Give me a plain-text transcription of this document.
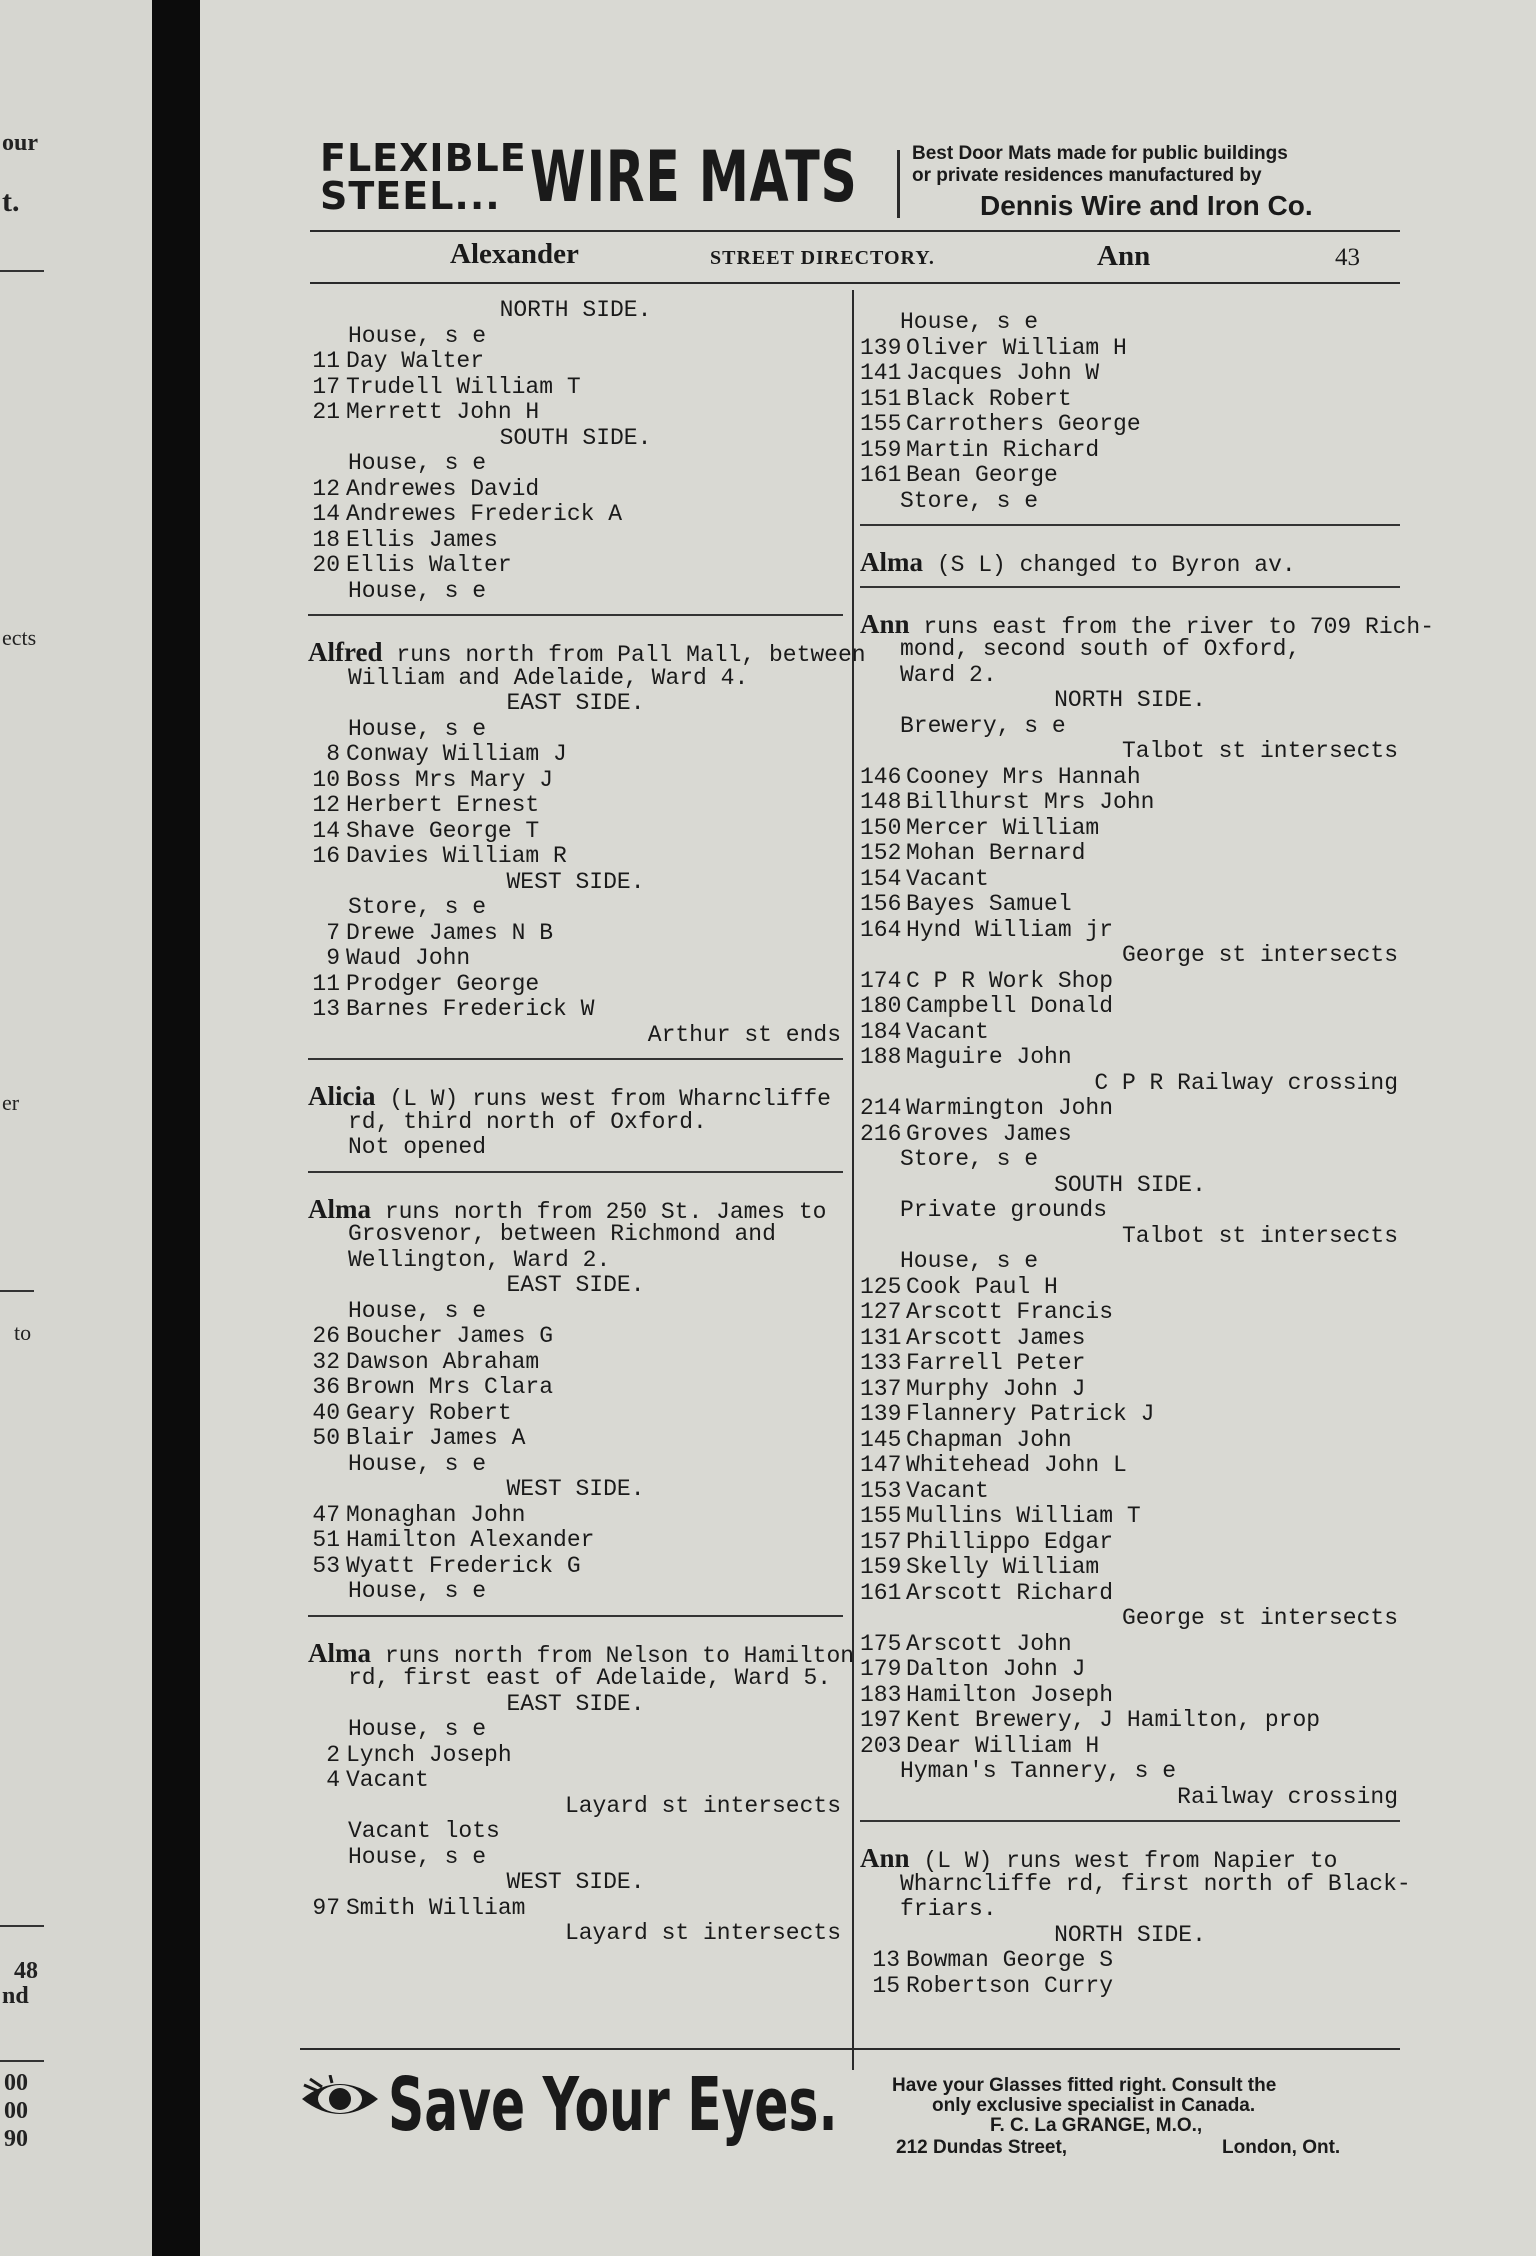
our
t.
ects
er
to
48
nd
00
00
90
FLEXIBLE
STEEL... WIRE MATS	Best Door Mats made for public buildings
or private residences manufactured by
Dennis Wire and Iron Co.
Alexander	STREET DIRECTORY.	Ann	43
NORTH SIDE.
House, s e
11 Day Walter
17 Trudell William T
21 Merrett John H
SOUTH SIDE.
House, s e
12 Andrewes David
14 Andrewes Frederick A
18 Ellis James
20 Ellis Walter
House, s e
Alfred runs north from Pall Mall, between
William and Adelaide, Ward 4.
EAST SIDE.
House, s e
8 Conway William J
10 Boss Mrs Mary J
12 Herbert Ernest
14 Shave George T
16 Davies William R
WEST SIDE.
Store, s e
7 Drewe James N B
9 Waud John
11 Prodger George
13 Barnes Frederick W
Arthur st ends
Alicia (L W) runs west from Wharncliffe
rd, third north of Oxford.
Not opened
Alma runs north from 250 St. James to
Grosvenor, between Richmond and
Wellington, Ward 2.
EAST SIDE.
House, s e
26 Boucher James G
32 Dawson Abraham
36 Brown Mrs Clara
40 Geary Robert
50 Blair James A
House, s e
WEST SIDE.
47 Monaghan John
51 Hamilton Alexander
53 Wyatt Frederick G
House, s e
Alma runs north from Nelson to Hamilton
rd, first east of Adelaide, Ward 5.
EAST SIDE.
House, s e
2 Lynch Joseph
4 Vacant
Layard st intersects
Vacant lots
House, s e
WEST SIDE.
97 Smith William
Layard st intersects
House, s e
139 Oliver William H
141 Jacques John W
151 Black Robert
155 Carrothers George
159 Martin Richard
161 Bean George
Store, s e
Alma (S L) changed to Byron av.
Ann runs east from the river to 709 Rich-
mond, second south of Oxford,
Ward 2.
NORTH SIDE.
Brewery, s e
Talbot st intersects
146 Cooney Mrs Hannah
148 Billhurst Mrs John
150 Mercer William
152 Mohan Bernard
154 Vacant
156 Bayes Samuel
164 Hynd William jr
George st intersects
174 C P R Work Shop
180 Campbell Donald
184 Vacant
188 Maguire John
C P R Railway crossing
214 Warmington John
216 Groves James
Store, s e
SOUTH SIDE.
Private grounds
Talbot st intersects
House, s e
125 Cook Paul H
127 Arscott Francis
131 Arscott James
133 Farrell Peter
137 Murphy John J
139 Flannery Patrick J
145 Chapman John
147 Whitehead John L
153 Vacant
155 Mullins William T
157 Phillippo Edgar
159 Skelly William
161 Arscott Richard
George st intersects
175 Arscott John
179 Dalton John J
183 Hamilton Joseph
197 Kent Brewery, J Hamilton, prop
203 Dear William H
Hyman's Tannery, s e
Railway crossing
Ann (L W) runs west from Napier to
Wharncliffe rd, first north of Black-
friars.
NORTH SIDE.
13 Bowman George S
15 Robertson Curry
Save Your Eyes.	Have your Glasses fitted right. Consult the
only exclusive specialist in Canada.
F. C. La GRANGE, M.O.,
212 Dundas Street,	London, Ont.
